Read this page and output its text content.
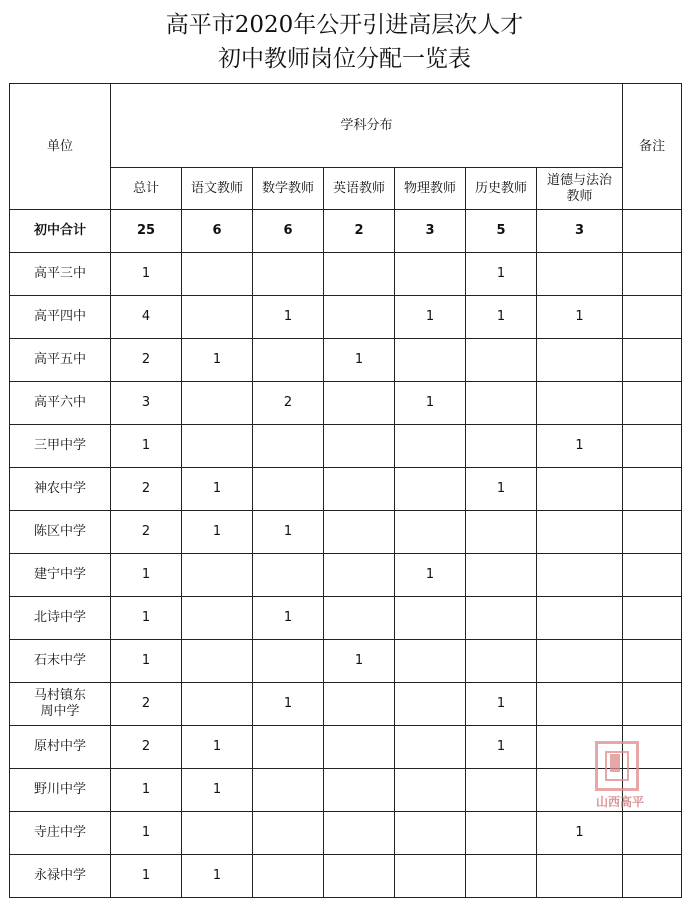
高平市2020年公开引进高层次人才
初中教师岗位分配一览表
单位	学科分布							备注
	总计	语文教师	数学教师	英语教师	物理教师	历史教师	道德与法治教师	
初中合计	25	6	6	2	3	5	3	
高平三中	1					1		
高平四中	4		1		1	1	1	
高平五中	2	1		1				
高平六中	3		2		1			
三甲中学	1						1	
神农中学	2	1				1		
陈区中学	2	1	1					
建宁中学	1				1			
北诗中学	1		1					
石末中学	1			1				
马村镇东周中学	2		1			1		
原村中学	2	1				1		
野川中学	1	1						
寺庄中学	1						1	
永禄中学	1	1						
山西高平
